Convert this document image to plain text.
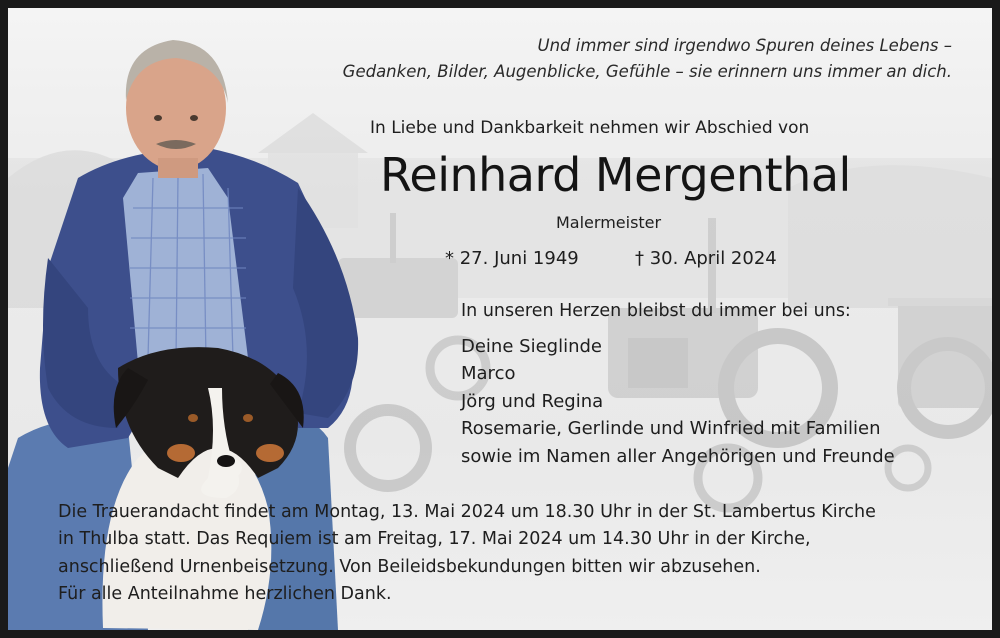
Und immer sind irgendwo Spuren deines Lebens –
Gedanken, Bilder, Augenblicke, Gefühle – sie erinnern uns immer an dich.
In Liebe und Dankbarkeit nehmen wir Abschied von
Reinhard Mergenthal
Malermeister
* 27. Juni 1949	† 30. April 2024
In unseren Herzen bleibst du immer bei uns:
Deine Sieglinde
Marco
Jörg und Regina
Rosemarie, Gerlinde und Winfried mit Familien
sowie im Namen aller Angehörigen und Freunde
Die Trauerandacht findet am Montag, 13. Mai 2024 um 18.30 Uhr in der St. Lambertus Kirche
in Thulba statt. Das Requiem ist am Freitag, 17. Mai 2024 um 14.30 Uhr in der Kirche,
anschließend Urnenbeisetzung. Von Beileidsbekundungen bitten wir abzusehen.
Für alle Anteilnahme herzlichen Dank.
